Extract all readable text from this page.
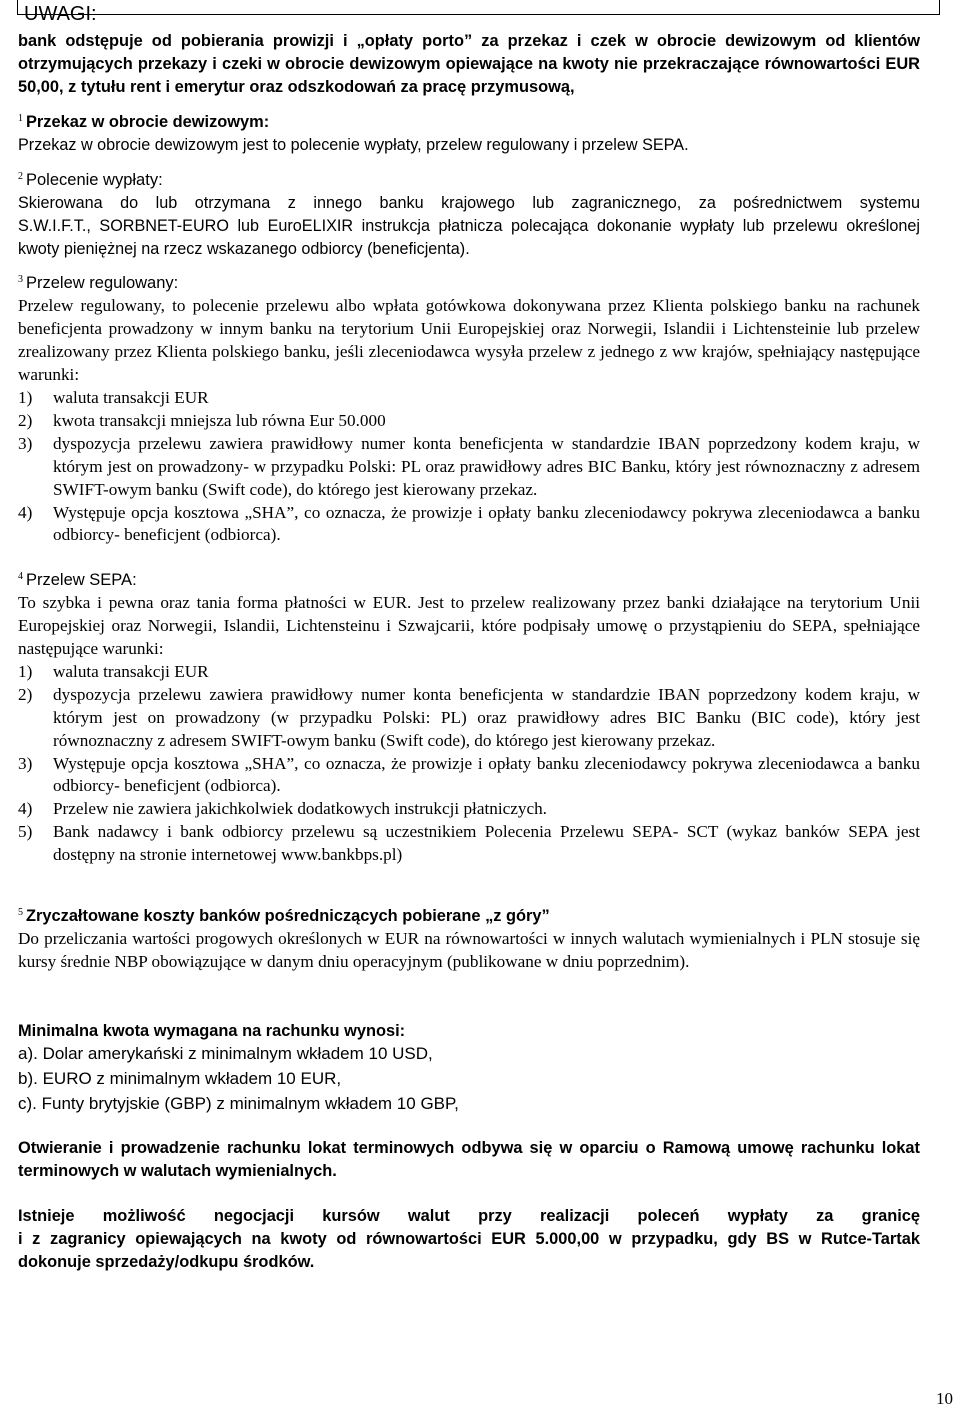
UWAGI:

bank odstępuje od pobierania prowizji i „opłaty porto” za przekaz i czek w obrocie dewizowym od klientów otrzymujących przekazy i czeki w obrocie dewizowym opiewające na kwoty nie przekraczające równowartości EUR 50,00, z tytułu rent i emerytur oraz odszkodowań za pracę przymusową,

$^1$ Przekaz w obrocie dewizowym:

Przekaz w obrocie dewizowym jest to polecenie wypłaty, przelew regulowany i przelew SEPA.

$^2$ Polecenie wypłaty:

Skierowana do lub otrzymana z innego banku krajowego lub zagranicznego, za pośrednictwem systemu

S.W.I.F.T., SORBNET-EURO lub EuroELIXIR instrukcja płatnicza polecająca dokonanie wypłaty lub przelewu określonej kwoty pieniężnej na rzecz wskazanego odbiorcy (beneficjenta).

$^3$ Przelew regulowany:

Przelew regulowany, to polecenie przelewu albo wpłata gotówkowa dokonywana przez Klienta polskiego banku na rachunek beneficjenta prowadzony w innym banku na terytorium Unii Europejskiej oraz Norwegii, Islandii i Lichtensteinie lub przelew zrealizowany przez Klienta polskiego banku, jeśli zleceniodawca wysyła przelew z jednego z ww krajów, spełniający następujące warunki:

1) waluta transakcji EUR
2) kwota transakcji mniejsza lub równa Eur 50.000
3) dyspozycja przelewu zawiera prawidłowy numer konta beneficjenta w standardzie IBAN poprzedzony kodem kraju, w którym jest on prowadzony- w przypadku Polski: PL oraz prawidłowy adres BIC Banku, który jest równoznaczny z adresem SWIFT-owym banku (Swift code), do którego jest kierowany przekaz.
4) Występuje opcja kosztowa „SHA”, co oznacza, że prowizje i opłaty banku zleceniodawcy pokrywa zleceniodawca a banku odbiorcy- beneficjent (odbiorca).

$^4$ Przelew SEPA:

To szybka i pewna oraz tania forma płatności w EUR. Jest to przelew realizowany przez banki działające na terytorium Unii Europejskiej oraz Norwegii, Islandii, Lichtensteinu i Szwajcarii, które podpisały umowę o przystąpieniu do SEPA, spełniające następujące warunki:

1) waluta transakcji EUR
2) dyspozycja przelewu zawiera prawidłowy numer konta beneficjenta w standardzie IBAN poprzedzony kodem kraju, w którym jest on prowadzony (w przypadku Polski: PL) oraz prawidłowy adres BIC Banku (BIC code), który jest równoznaczny z adresem SWIFT-owym banku (Swift code), do którego jest kierowany przekaz.
3) Występuje opcja kosztowa „SHA”, co oznacza, że prowizje i opłaty banku zleceniodawcy pokrywa zleceniodawca a banku odbiorcy- beneficjent (odbiorca).
4) Przelew nie zawiera jakichkolwiek dodatkowych instrukcji płatniczych.
5) Bank nadawcy i bank odbiorcy przelewu są uczestnikiem Polecenia Przelewu SEPA- SCT (wykaz banków SEPA jest dostępny na stronie internetowej www.bankbps.pl)

$^5$ Zryczałtowane koszty banków pośredniczących pobierane „z góry”

Do przeliczania wartości progowych określonych w EUR na równowartości w innych walutach wymienialnych i PLN stosuje się kursy średnie NBP obowiązujące w danym dniu operacyjnym (publikowane w dniu poprzednim).

Minimalna kwota wymagana na rachunku wynosi:

a). Dolar amerykański z minimalnym wkładem 10 USD,
b). EURO z minimalnym wkładem 10 EUR,
c). Funty brytyjskie (GBP) z minimalnym wkładem 10 GBP,

Otwieranie i prowadzenie rachunku lokat terminowych odbywa się w oparciu o Ramową umowę rachunku lokat terminowych w walutach wymienialnych.

Istnieje możliwość negocjacji kursów walut przy realizacji poleceń wypłaty za granicę

i z zagranicy opiewających na kwoty od równowartości EUR 5.000,00 w przypadku, gdy BS w Rutce-Tartak dokonuje sprzedaży/odkupu środków.

10
